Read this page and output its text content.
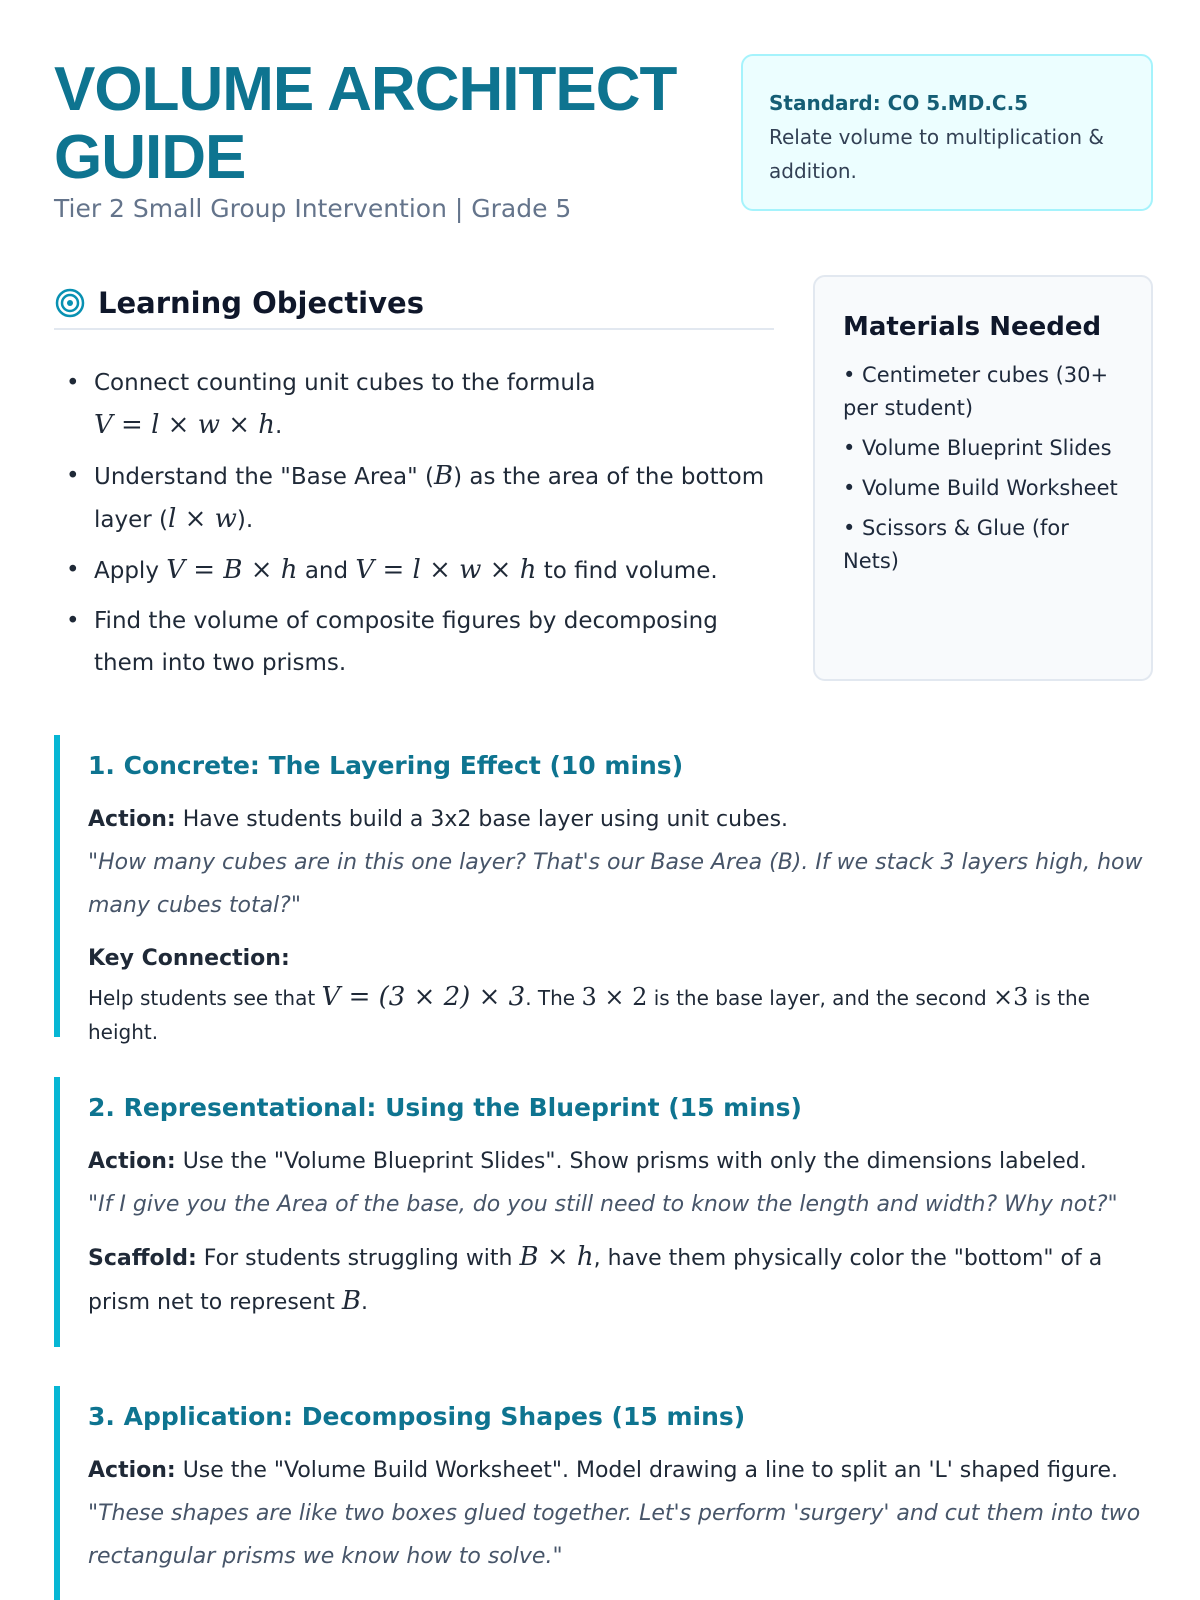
VOLUME ARCHITECT GUIDE
Tier 2 Small Group Intervention | Grade 5
Standard: CO 5.MD.C.5
Relate volume to multiplication & addition.
Learning Objectives
• Connect counting unit cubes to the formula
V = l × w × h.
• Understand the "Base Area" (B) as the area of the bottom layer (l × w).
• Apply V = B × h and V = l × w × h to find volume.
• Find the volume of composite figures by decomposing them into two prisms.
Materials Needed
• Centimeter cubes (30+ per student)
• Volume Blueprint Slides
• Volume Build Worksheet
• Scissors & Glue (for Nets)
1. Concrete: The Layering Effect (10 mins)

Action: Have students build a 3x2 base layer using unit cubes.

"How many cubes are in this one layer? That's our Base Area (B). If we stack 3 layers high, how many cubes total?"

Key Connection:

Help students see that V = (3 × 2) × 3. The 3 × 2 is the base layer, and the second ×3 is the height.

2. Representational: Using the Blueprint (15 mins)

Action: Use the "Volume Blueprint Slides". Show prisms with only the dimensions labeled.

"If I give you the Area of the base, do you still need to know the length and width? Why not?"

Scaffold: For students struggling with B × h, have them physically color the "bottom" of a prism net to represent B.

3. Application: Decomposing Shapes (15 mins)

Action: Use the "Volume Build Worksheet". Model drawing a line to split an 'L' shaped figure.

"These shapes are like two boxes glued together. Let's perform 'surgery' and cut them into two rectangular prisms we know how to solve."
